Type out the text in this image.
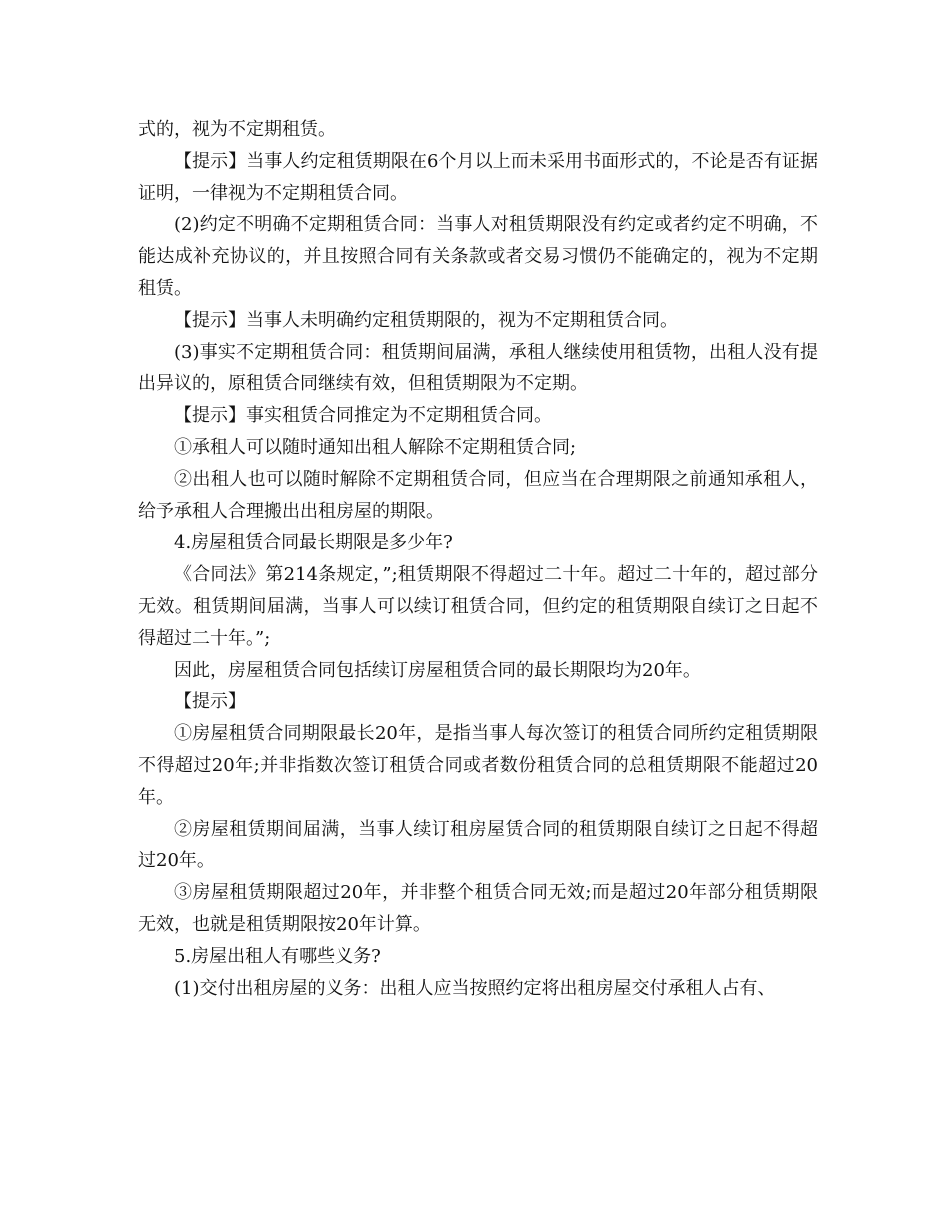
式的，视为不定期租赁。

【提示】当事人约定租赁期限在6个月以上而未采用书面形式的，不论是否有证据证明，一律视为不定期租赁合同。

(2)约定不明确不定期租赁合同：当事人对租赁期限没有约定或者约定不明确，不能达成补充协议的，并且按照合同有关条款或者交易习惯仍不能确定的，视为不定期租赁。

【提示】当事人未明确约定租赁期限的，视为不定期租赁合同。

(3)事实不定期租赁合同：租赁期间届满，承租人继续使用租赁物，出租人没有提出异议的，原租赁合同继续有效，但租赁期限为不定期。

【提示】事实租赁合同推定为不定期租赁合同。

①承租人可以随时通知出租人解除不定期租赁合同;

②出租人也可以随时解除不定期租赁合同，但应当在合理期限之前通知承租人，给予承租人合理搬出出租房屋的期限。

4.房屋租赁合同最长期限是多少年?

《合同法》第214条规定，”;租赁期限不得超过二十年。超过二十年的，超过部分无效。租赁期间届满，当事人可以续订租赁合同，但约定的租赁期限自续订之日起不得超过二十年。”;

因此，房屋租赁合同包括续订房屋租赁合同的最长期限均为20年。

【提示】

①房屋租赁合同期限最长20年，是指当事人每次签订的租赁合同所约定租赁期限不得超过20年;并非指数次签订租赁合同或者数份租赁合同的总租赁期限不能超过20年。

②房屋租赁期间届满，当事人续订租房屋赁合同的租赁期限自续订之日起不得超过20年。

③房屋租赁期限超过20年，并非整个租赁合同无效;而是超过20年部分租赁期限无效，也就是租赁期限按20年计算。

5.房屋出租人有哪些义务?

(1)交付出租房屋的义务：出租人应当按照约定将出租房屋交付承租人占有、
